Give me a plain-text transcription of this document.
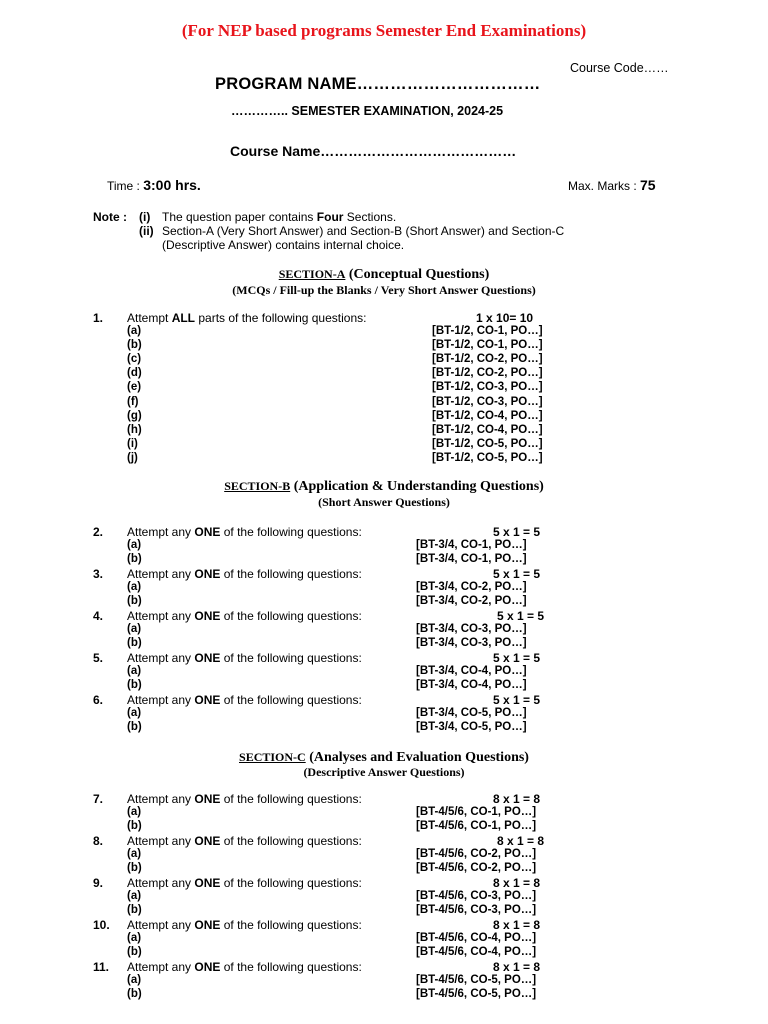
(For NEP based programs Semester End Examinations)
PROGRAM NAME……………………………
Course Code……
………….. SEMESTER EXAMINATION, 2024-25
Course Name……………………………………
Time : 3:00 hrs.	Max. Marks : 75
Note : (i) The question paper contains Four Sections.
(ii) Section-A (Very Short Answer) and Section-B (Short Answer) and Section-C
(Descriptive Answer) contains internal choice.
SECTION-A (Conceptual Questions)
(MCQs / Fill-up the Blanks / Very Short Answer Questions)
1. Attempt ALL parts of the following questions:	1 x 10= 10
(a)	[BT-1/2, CO-1, PO…]
(b)	[BT-1/2, CO-1, PO…]
(c)	[BT-1/2, CO-2, PO…]
(d)	[BT-1/2, CO-2, PO…]
(e)	[BT-1/2, CO-3, PO…]
(f)	[BT-1/2, CO-3, PO…]
(g)	[BT-1/2, CO-4, PO…]
(h)	[BT-1/2, CO-4, PO…]
(i)	[BT-1/2, CO-5, PO…]
(j)	[BT-1/2, CO-5, PO…]
SECTION-B (Application & Understanding Questions)
(Short Answer Questions)
2. Attempt any ONE of the following questions:	5 x 1 = 5
(a)	[BT-3/4, CO-1, PO…]
(b)	[BT-3/4, CO-1, PO…]
3. Attempt any ONE of the following questions:	5 x 1 = 5
(a)	[BT-3/4, CO-2, PO…]
(b)	[BT-3/4, CO-2, PO…]
4. Attempt any ONE of the following questions:	5 x 1 = 5
(a)	[BT-3/4, CO-3, PO…]
(b)	[BT-3/4, CO-3, PO…]
5. Attempt any ONE of the following questions:	5 x 1 = 5
(a)	[BT-3/4, CO-4, PO…]
(b)	[BT-3/4, CO-4, PO…]
6. Attempt any ONE of the following questions:	5 x 1 = 5
(a)	[BT-3/4, CO-5, PO…]
(b)	[BT-3/4, CO-5, PO…]
SECTION-C (Analyses and Evaluation Questions)
(Descriptive Answer Questions)
7. Attempt any ONE of the following questions:	8 x 1 = 8
(a)	[BT-4/5/6, CO-1, PO…]
(b)	[BT-4/5/6, CO-1, PO…]
8. Attempt any ONE of the following questions:	8 x 1 = 8
(a)	[BT-4/5/6, CO-2, PO…]
(b)	[BT-4/5/6, CO-2, PO…]
9. Attempt any ONE of the following questions:	8 x 1 = 8
(a)	[BT-4/5/6, CO-3, PO…]
(b)	[BT-4/5/6, CO-3, PO…]
10. Attempt any ONE of the following questions:	8 x 1 = 8
(a)	[BT-4/5/6, CO-4, PO…]
(b)	[BT-4/5/6, CO-4, PO…]
11. Attempt any ONE of the following questions:	8 x 1 = 8
(a)	[BT-4/5/6, CO-5, PO…]
(b)	[BT-4/5/6, CO-5, PO…]
